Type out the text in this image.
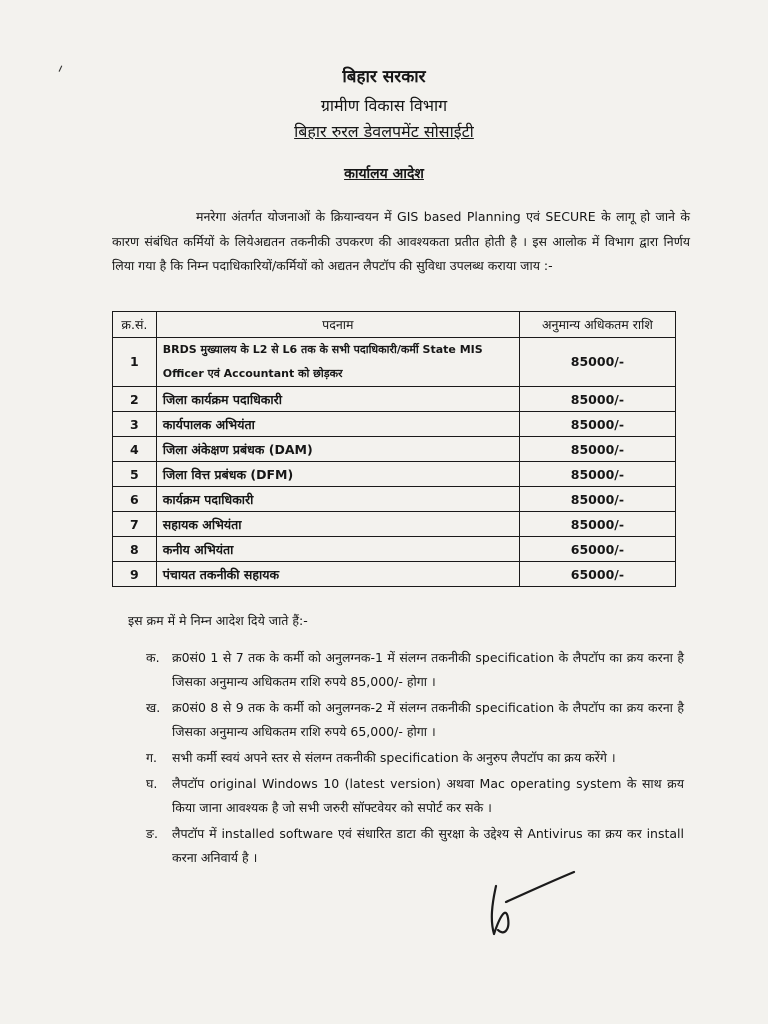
ᐟ	बिहार सरकार
ग्रामीण विकास विभाग
बिहार रुरल डेवलपमेंट सोसाईटी
कार्यालय आदेश
मनरेगा अंतर्गत योजनाओं के क्रियान्वयन में GIS based Planning एवं SECURE के लागू हो जाने के कारण संबंधित कर्मियों के लियेअद्यतन तकनीकी उपकरण की आवश्यकता प्रतीत होती है । इस आलोक में विभाग द्वारा निर्णय लिया गया है कि निम्न पदाधिकारियों/कर्मियों को अद्यतन लैपटॉप की सुविधा उपलब्ध कराया जाय :-
क्र.सं.	पदनाम	अनुमान्य अधिकतम राशि
1	BRDS मुख्यालय के L2 से L6 तक के सभी पदाधिकारी/कर्मी State MIS Officer एवं Accountant को छोड़कर	85000/-
2	जिला कार्यक्रम पदाधिकारी	85000/-
3	कार्यपालक अभियंता	85000/-
4	जिला अंकेक्षण प्रबंधक (DAM)	85000/-
5	जिला वित्त प्रबंधक (DFM)	85000/-
6	कार्यक्रम पदाधिकारी	85000/-
7	सहायक अभियंता	85000/-
8	कनीय अभियंता	65000/-
9	पंचायत तकनीकी सहायक	65000/-
इस क्रम में मे निम्न आदेश दिये जाते हैं:-
क. क्र0सं0 1 से 7 तक के कर्मी को अनुलग्नक-1 में संलग्न तकनीकी specification के लैपटॉप का क्रय करना है जिसका अनुमान्य अधिकतम राशि रुपये 85,000/- होगा ।
ख. क्र0सं0 8 से 9 तक के कर्मी को अनुलग्नक-2 में संलग्न तकनीकी specification के लैपटॉप का क्रय करना है जिसका अनुमान्य अधिकतम राशि रुपये 65,000/- होगा ।
ग. सभी कर्मी स्वयं अपने स्तर से संलग्न तकनीकी specification के अनुरुप लैपटॉप का क्रय करेंगे ।
घ. लैपटॉप original Windows 10 (latest version) अथवा Mac operating system के साथ क्रय किया जाना आवश्यक है जो सभी जरुरी सॉफ्टवेयर को सपोर्ट कर सके ।
ङ. लैपटॉप में installed software एवं संधारित डाटा की सुरक्षा के उद्देश्य से Antivirus का क्रय कर install करना अनिवार्य है ।
